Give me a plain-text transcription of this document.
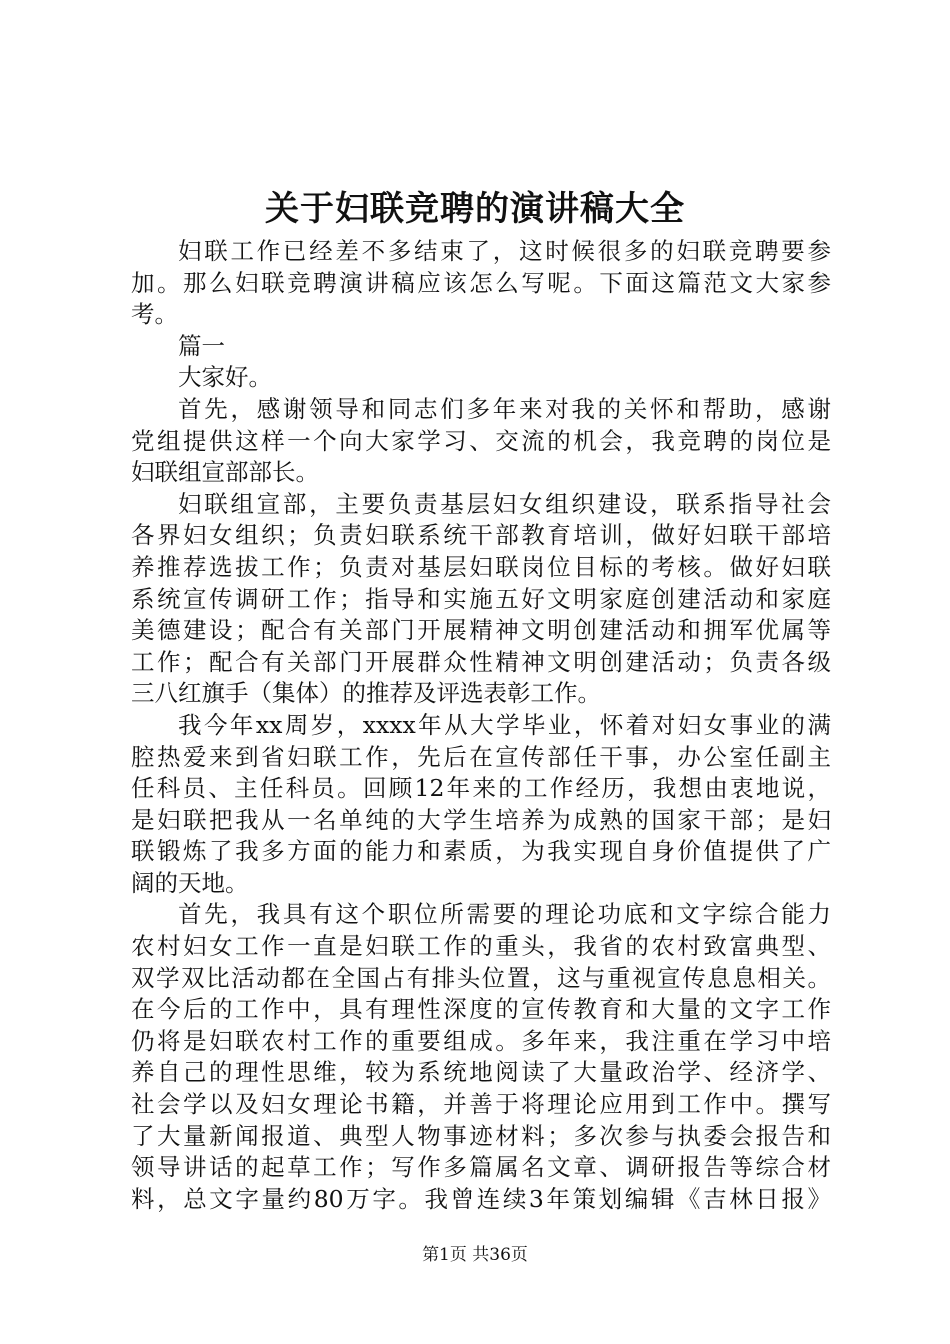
关于妇联竞聘的演讲稿大全
妇联工作已经差不多结束了，这时候很多的妇联竞聘要参
加。那么妇联竞聘演讲稿应该怎么写呢。下面这篇范文大家参
考。
篇一
大家好。
首先，感谢领导和同志们多年来对我的关怀和帮助，感谢
党组提供这样一个向大家学习、交流的机会，我竞聘的岗位是
妇联组宣部部长。
妇联组宣部，主要负责基层妇女组织建设，联系指导社会
各界妇女组织；负责妇联系统干部教育培训，做好妇联干部培
养推荐选拔工作；负责对基层妇联岗位目标的考核。做好妇联
系统宣传调研工作；指导和实施五好文明家庭创建活动和家庭
美德建设；配合有关部门开展精神文明创建活动和拥军优属等
工作；配合有关部门开展群众性精神文明创建活动；负责各级
三八红旗手（集体）的推荐及评选表彰工作。
我今年xx周岁，xxxx年从大学毕业，怀着对妇女事业的满
腔热爱来到省妇联工作，先后在宣传部任干事，办公室任副主
任科员、主任科员。回顾12年来的工作经历，我想由衷地说，
是妇联把我从一名单纯的大学生培养为成熟的国家干部；是妇
联锻炼了我多方面的能力和素质，为我实现自身价值提供了广
阔的天地。
首先，我具有这个职位所需要的理论功底和文字综合能力
农村妇女工作一直是妇联工作的重头，我省的农村致富典型、
双学双比活动都在全国占有排头位置，这与重视宣传息息相关。
在今后的工作中，具有理性深度的宣传教育和大量的文字工作
仍将是妇联农村工作的重要组成。多年来，我注重在学习中培
养自己的理性思维，较为系统地阅读了大量政治学、经济学、
社会学以及妇女理论书籍，并善于将理论应用到工作中。撰写
了大量新闻报道、典型人物事迹材料；多次参与执委会报告和
领导讲话的起草工作；写作多篇属名文章、调研报告等综合材
料，总文字量约80万字。我曾连续3年策划编辑《吉林日报》
第1页 共36页
